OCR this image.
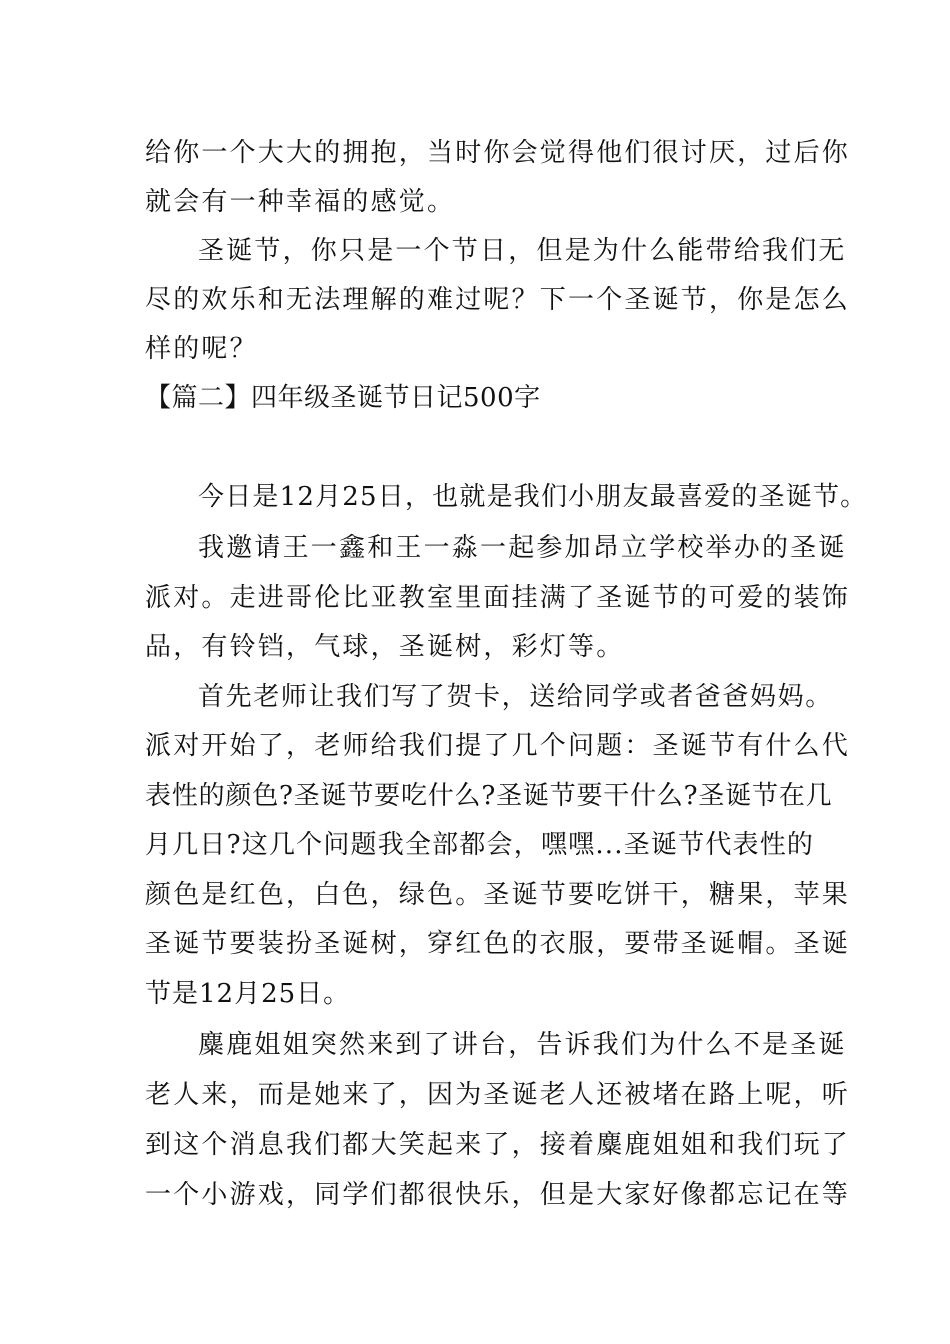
给你一个大大的拥抱，当时你会觉得他们很讨厌，过后你
就会有一种幸福的感觉。
圣诞节，你只是一个节日，但是为什么能带给我们无
尽的欢乐和无法理解的难过呢？下一个圣诞节，你是怎么
样的呢？
【篇二】四年级圣诞节日记500字
今日是12月25日，也就是我们小朋友最喜爱的圣诞节。
我邀请王一鑫和王一淼一起参加昂立学校举办的圣诞
派对。走进哥伦比亚教室里面挂满了圣诞节的可爱的装饰
品，有铃铛，气球，圣诞树，彩灯等。
首先老师让我们写了贺卡，送给同学或者爸爸妈妈。
派对开始了，老师给我们提了几个问题：圣诞节有什么代
表性的颜色?圣诞节要吃什么?圣诞节要干什么?圣诞节在几
月几日?这几个问题我全部都会，嘿嘿...圣诞节代表性的
颜色是红色，白色，绿色。圣诞节要吃饼干，糖果，苹果
圣诞节要装扮圣诞树，穿红色的衣服，要带圣诞帽。圣诞
节是12月25日。
麋鹿姐姐突然来到了讲台，告诉我们为什么不是圣诞
老人来，而是她来了，因为圣诞老人还被堵在路上呢，听
到这个消息我们都大笑起来了，接着麋鹿姐姐和我们玩了
一个小游戏，同学们都很快乐，但是大家好像都忘记在等
